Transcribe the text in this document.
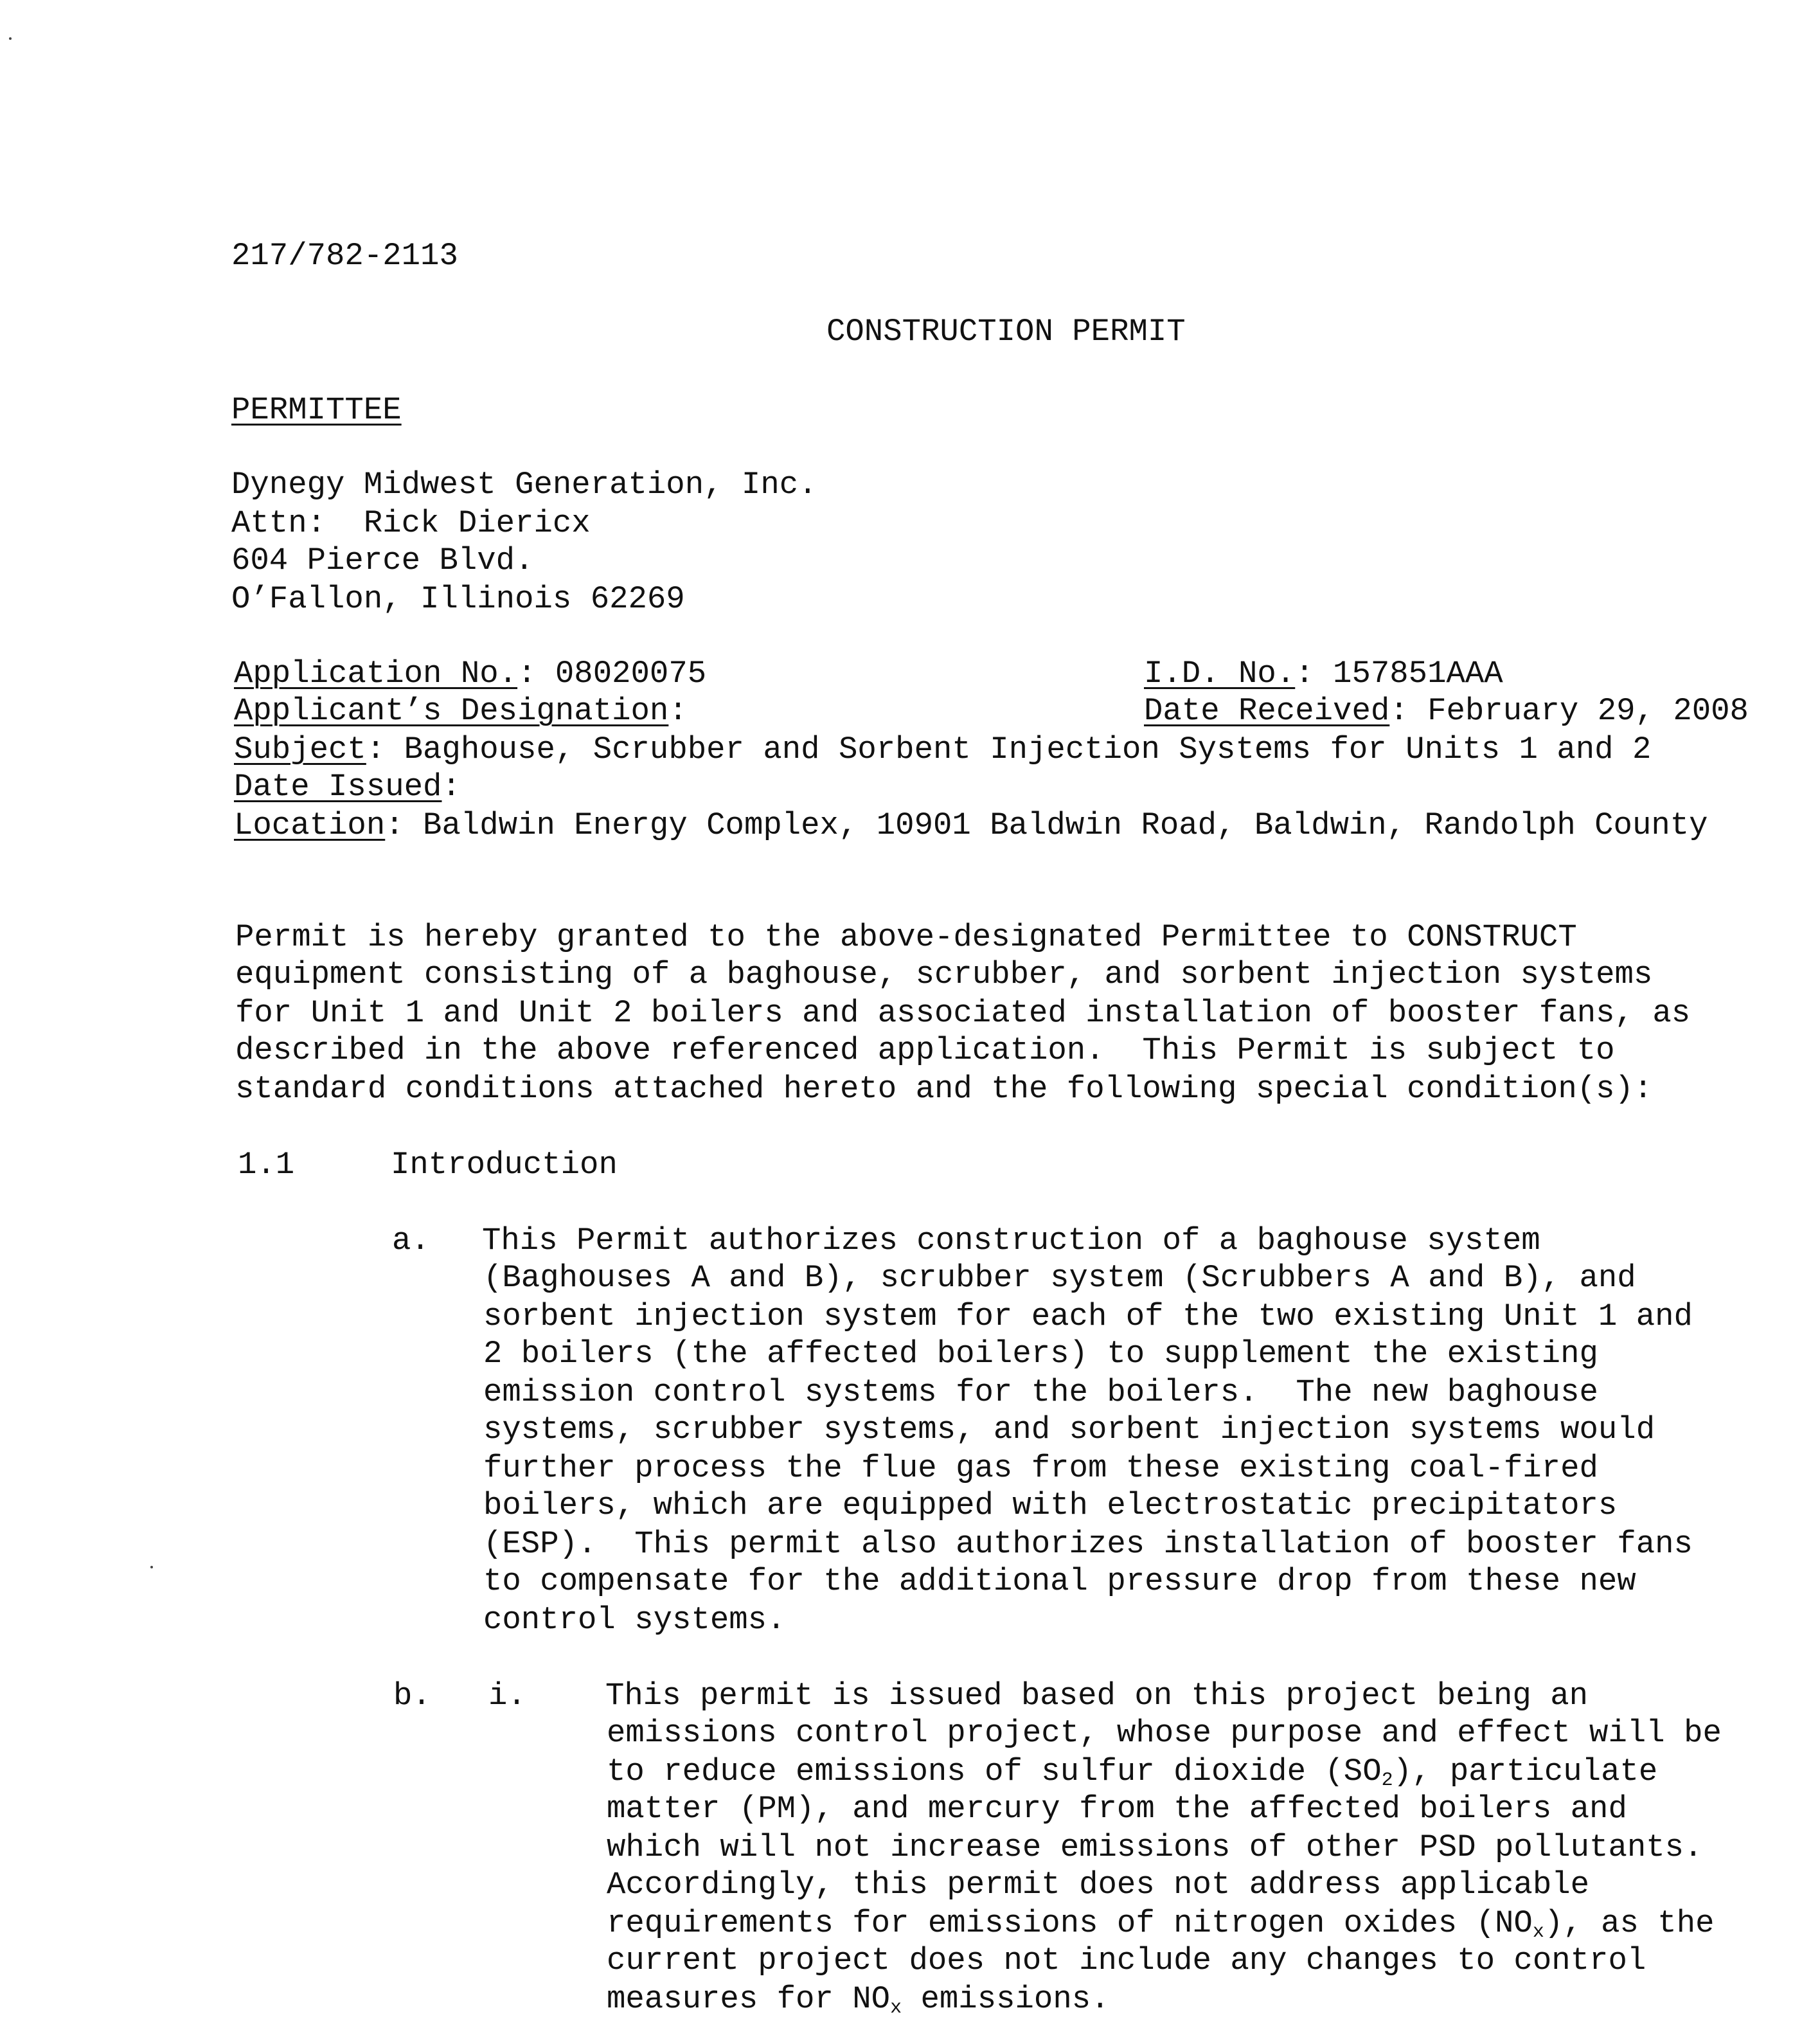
217/782-2113
CONSTRUCTION PERMIT
PERMITTEE
Dynegy Midwest Generation, Inc.
Attn:  Rick Diericx
604 Pierce Blvd.
O’Fallon, Illinois 62269
Application No.: 08020075	I.D. No.: 157851AAA
Applicant’s Designation:	Date Received: February 29, 2008
Subject: Baghouse, Scrubber and Sorbent Injection Systems for Units 1 and 2
Date Issued:
Location: Baldwin Energy Complex, 10901 Baldwin Road, Baldwin, Randolph County
Permit is hereby granted to the above-designated Permittee to CONSTRUCT
equipment consisting of a baghouse, scrubber, and sorbent injection systems
for Unit 1 and Unit 2 boilers and associated installation of booster fans, as
described in the above referenced application.  This Permit is subject to
standard conditions attached hereto and the following special condition(s):
1.1	Introduction
a. This Permit authorizes construction of a baghouse system
(Baghouses A and B), scrubber system (Scrubbers A and B), and
sorbent injection system for each of the two existing Unit 1 and
2 boilers (the affected boilers) to supplement the existing
emission control systems for the boilers.  The new baghouse
systems, scrubber systems, and sorbent injection systems would
further process the flue gas from these existing coal-fired
boilers, which are equipped with electrostatic precipitators
(ESP).  This permit also authorizes installation of booster fans
to compensate for the additional pressure drop from these new
control systems.
b. i.	This permit is issued based on this project being an
emissions control project, whose purpose and effect will be
to reduce emissions of sulfur dioxide $(SO_2)$, particulate
matter (PM), and mercury from the affected boilers and
which will not increase emissions of other PSD pollutants.
Accordingly, this permit does not address applicable
requirements for emissions of nitrogen oxides $(NO_x)$, as the
current project does not include any changes to control
measures for $NO_x$ emissions.
